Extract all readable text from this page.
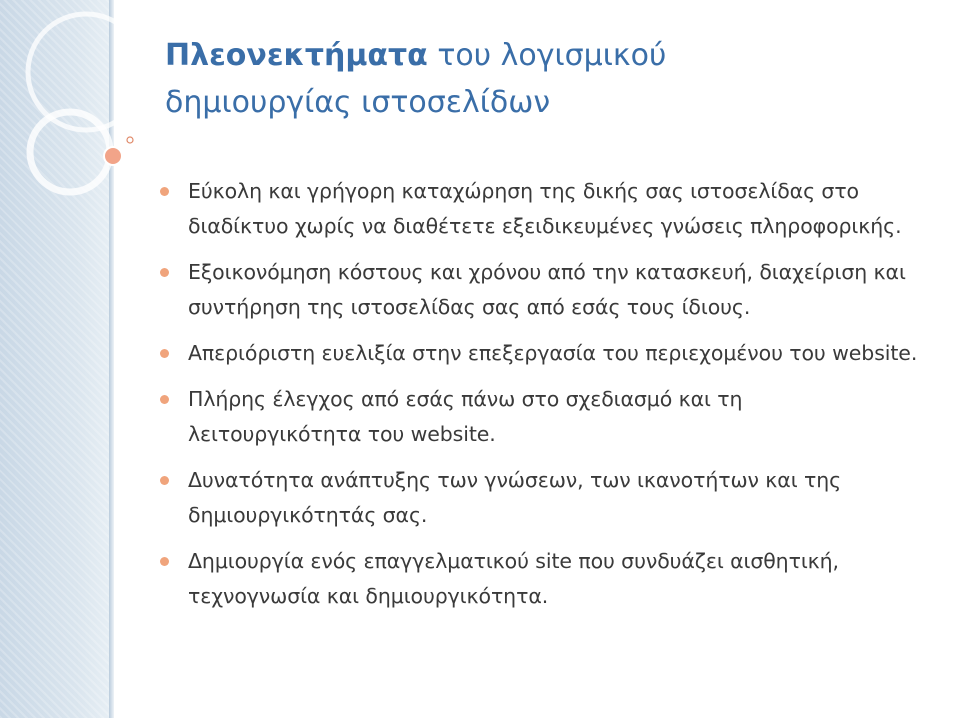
Πλεονεκτήματα του λογισμικού
δημιουργίας ιστοσελίδων
Εύκολη και γρήγορη καταχώρηση της δικής σας ιστοσελίδας στο διαδίκτυο χωρίς να διαθέτετε εξειδικευμένες γνώσεις πληροφορικής.
Εξοικονόμηση κόστους και χρόνου από την κατασκευή, διαχείριση και συντήρηση της ιστοσελίδας σας από εσάς τους ίδιους.
Απεριόριστη ευελιξία στην επεξεργασία του περιεχομένου του website.
Πλήρης έλεγχος από εσάς πάνω στο σχεδιασμό και τη λειτουργικότητα του website.
Δυνατότητα ανάπτυξης των γνώσεων, των ικανοτήτων και της δημιουργικότητάς σας.
Δημιουργία ενός επαγγελματικού site που συνδυάζει αισθητική, τεχνογνωσία και δημιουργικότητα.
